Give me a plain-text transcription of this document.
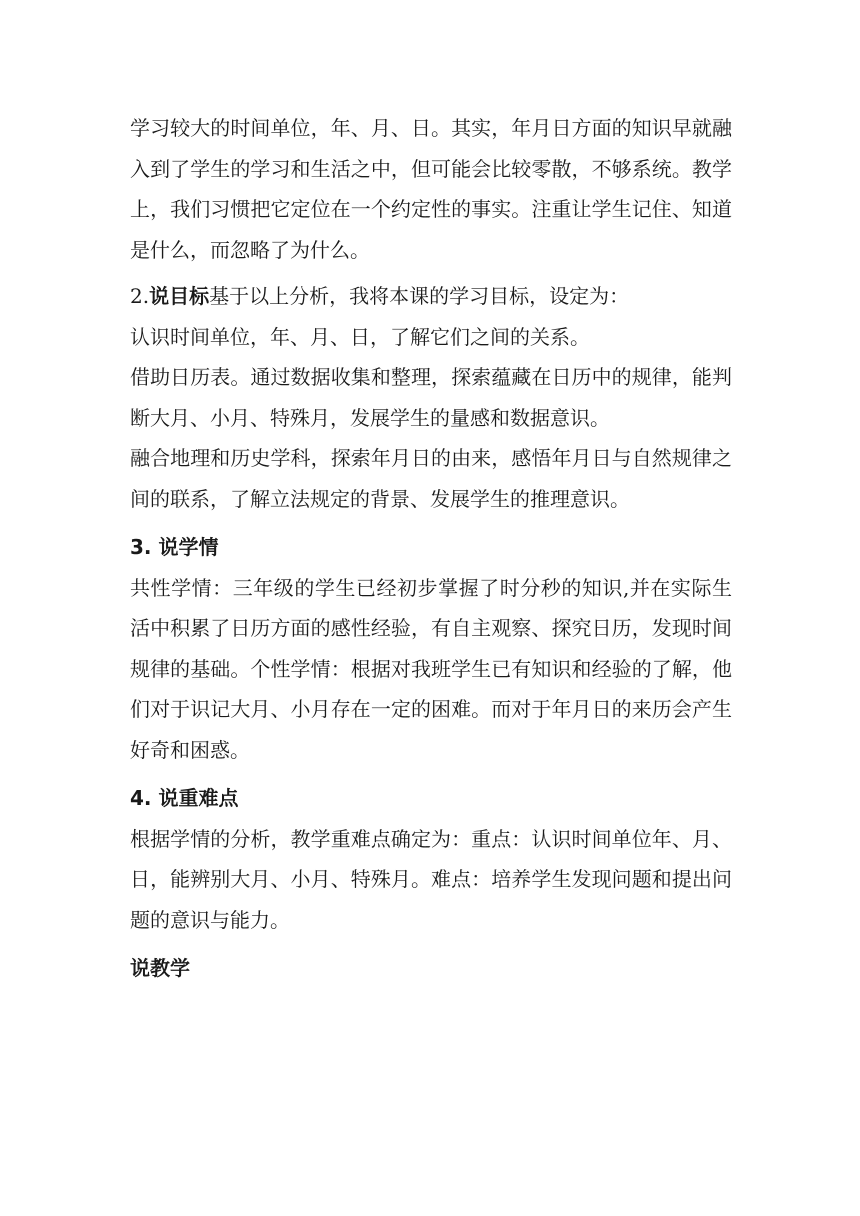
学习较大的时间单位，年、月、日。其实，年月日方面的知识早就融入到了学生的学习和生活之中，但可能会比较零散，不够系统。教学上，我们习惯把它定位在一个约定性的事实。注重让学生记住、知道是什么，而忽略了为什么。

2.说目标基于以上分析，我将本课的学习目标，设定为：

认识时间单位，年、月、日，了解它们之间的关系。

借助日历表。通过数据收集和整理，探索蕴藏在日历中的规律，能判断大月、小月、特殊月，发展学生的量感和数据意识。

融合地理和历史学科，探索年月日的由来，感悟年月日与自然规律之间的联系，了解立法规定的背景、发展学生的推理意识。

3. 说学情

共性学情：三年级的学生已经初步掌握了时分秒的知识,并在实际生活中积累了日历方面的感性经验，有自主观察、探究日历，发现时间规律的基础。个性学情：根据对我班学生已有知识和经验的了解，他们对于识记大月、小月存在一定的困难。而对于年月日的来历会产生好奇和困惑。

4. 说重难点

根据学情的分析，教学重难点确定为：重点：认识时间单位年、月、日，能辨别大月、小月、特殊月。难点：培养学生发现问题和提出问题的意识与能力。

说教学
